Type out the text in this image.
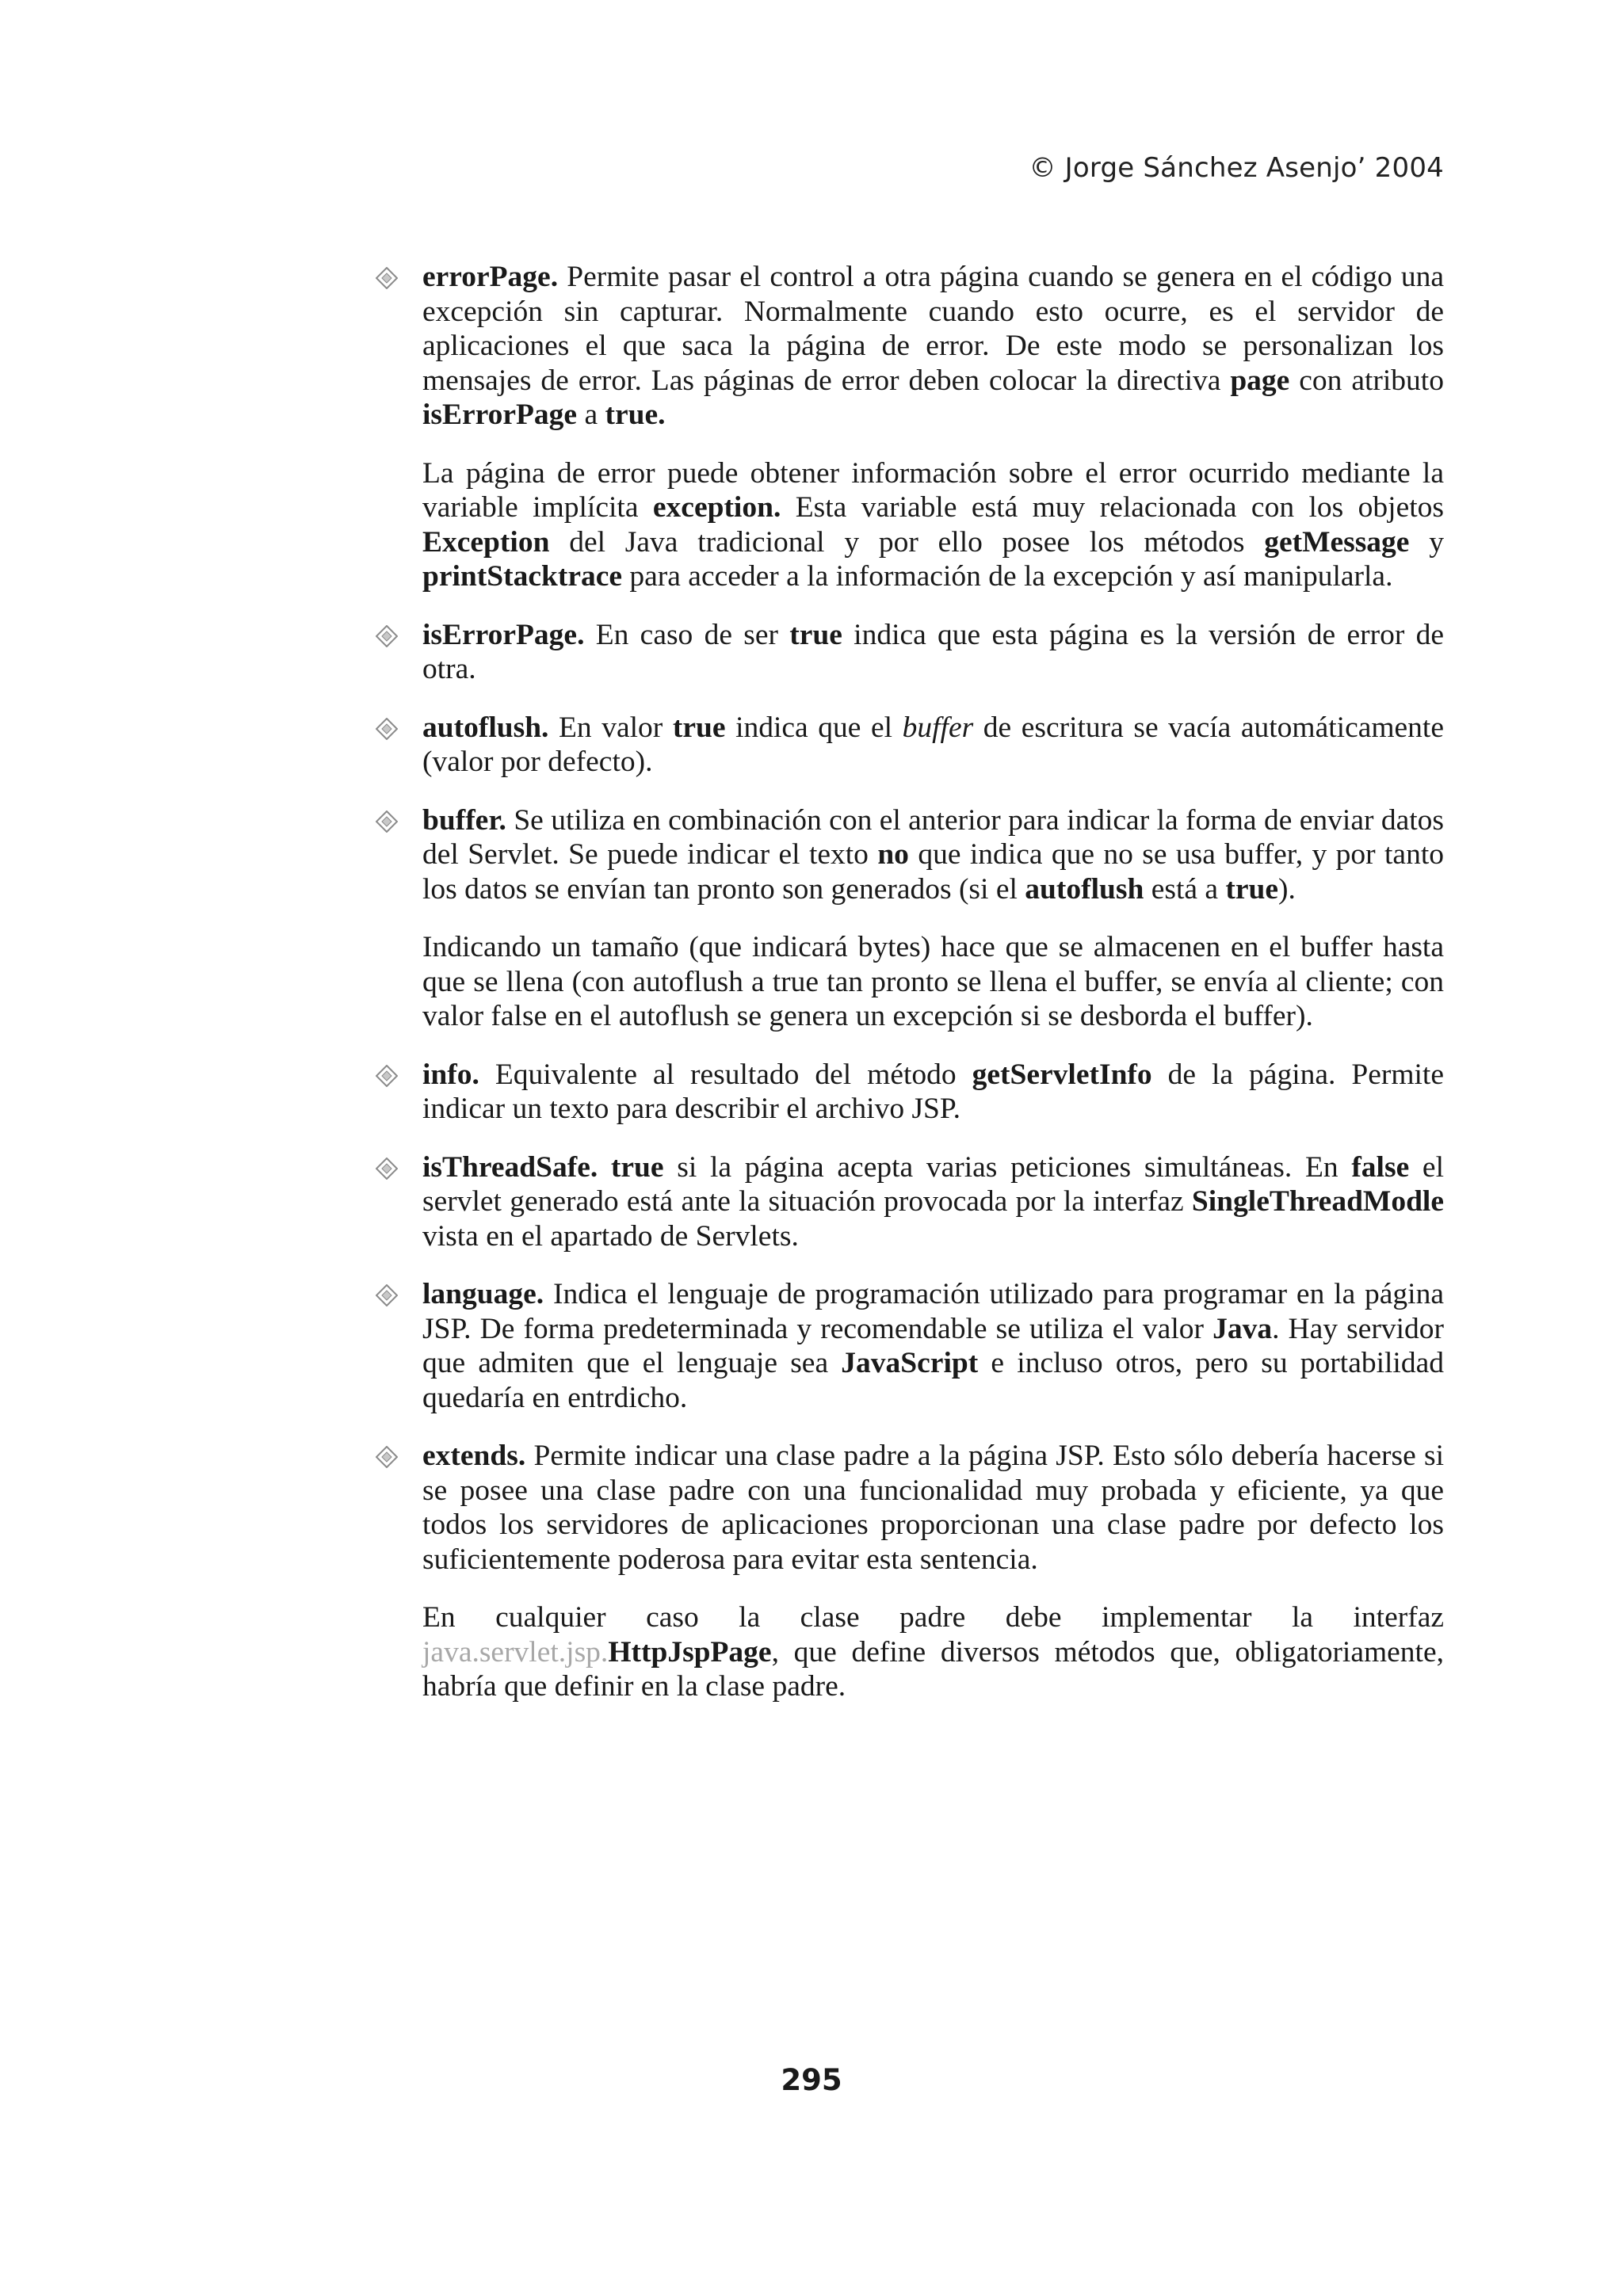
© Jorge Sánchez Asenjo’ 2004
errorPage. Permite pasar el control a otra página cuando se genera en el código una excepción sin capturar. Normalmente cuando esto ocurre, es el servidor de aplicaciones el que saca la página de error. De este modo se personalizan los mensajes de error. Las páginas de error deben colocar la directiva page con atributo isErrorPage a true.
La página de error puede obtener información sobre el error ocurrido mediante la variable implícita exception. Esta variable está muy relacionada con los objetos Exception del Java tradicional y por ello posee los métodos getMessage y printStacktrace para acceder a la información de la excepción y así manipularla.
isErrorPage. En caso de ser true indica que esta página es la versión de error de otra.
autoflush. En valor true indica que el buffer de escritura se vacía automáticamente (valor por defecto).
buffer. Se utiliza en combinación con el anterior para indicar la forma de enviar datos del Servlet. Se puede indicar el texto no que indica que no se usa buffer, y por tanto los datos se envían tan pronto son generados (si el autoflush está a true).
Indicando un tamaño (que indicará bytes) hace que se almacenen en el buffer hasta que se llena (con autoflush a true tan pronto se llena el buffer, se envía al cliente; con valor false en el autoflush se genera un excepción si se desborda el buffer).
info. Equivalente al resultado del método getServletInfo de la página. Permite indicar un texto para describir el archivo JSP.
isThreadSafe. true si la página acepta varias peticiones simultáneas. En false el servlet generado está ante la situación provocada por la interfaz SingleThreadModle vista en el apartado de Servlets.
language. Indica el lenguaje de programación utilizado para programar en la página JSP. De forma predeterminada y recomendable se utiliza el valor Java. Hay servidor que admiten que el lenguaje sea JavaScript e incluso otros, pero su portabilidad quedaría en entrdicho.
extends. Permite indicar una clase padre a la página JSP. Esto sólo debería hacerse si se posee una clase padre con una funcionalidad muy probada y eficiente, ya que todos los servidores de aplicaciones proporcionan una clase padre por defecto los suficientemente poderosa para evitar esta sentencia.
En cualquier caso la clase padre debe implementar la interfaz java.servlet.jsp.HttpJspPage, que define diversos métodos que, obligatoriamente, habría que definir en la clase padre.
295
